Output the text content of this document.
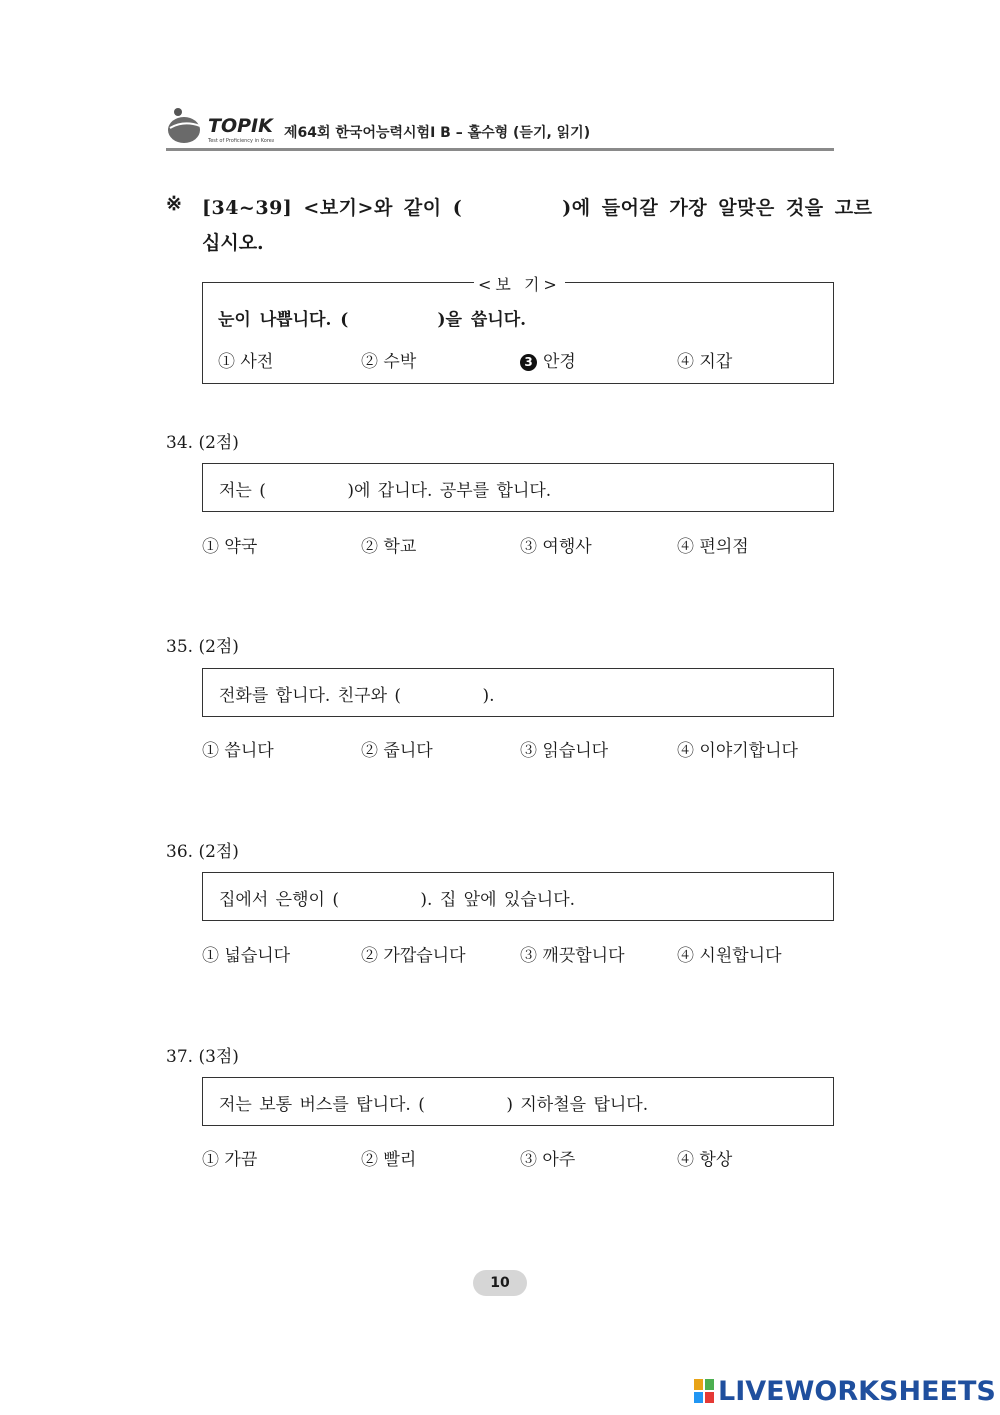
TOPIK
Test of Proficiency in Korean 제64회 한국어능력시험Ⅰ B – 홀수형 (듣기, 읽기)
※ [34~39] <보기>와 같이 (         )에 들어갈 가장 알맞은 것을 고르
십시오.
<보 기>
눈이 나쁩니다. (          )을 씁니다.
① 사전	② 수박	3 안경	④ 지갑
34. (2점)
저는 (           )에 갑니다. 공부를 합니다.
① 약국	② 학교	③ 여행사	④ 편의점
35. (2점)
전화를 합니다. 친구와 (           ).
① 씁니다	② 줍니다	③ 읽습니다	④ 이야기합니다
36. (2점)
집에서 은행이 (           ). 집 앞에 있습니다.
① 넓습니다	② 가깝습니다	③ 깨끗합니다	④ 시원합니다
37. (3점)
저는 보통 버스를 탑니다. (           ) 지하철을 탑니다.
① 가끔	② 빨리	③ 아주	④ 항상
10
LIVEWORKSHEETS
